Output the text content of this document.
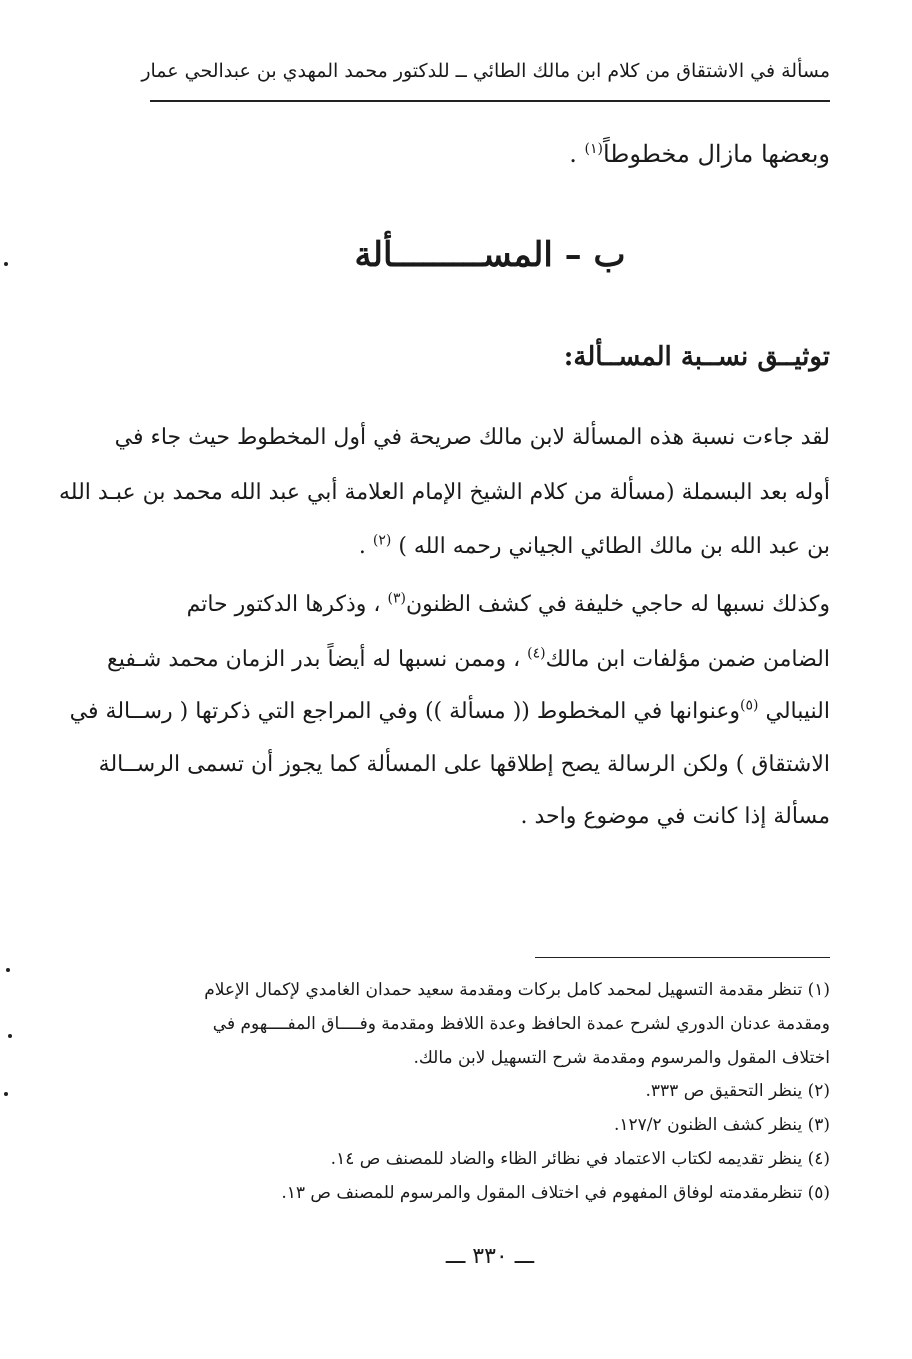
مسألة في الاشتقاق من كلام ابن مالك الطائي ــ للدكتور محمد المهدي بن عبدالحي عمار
وبعضها مازال مخطوطاً$^{(١)}$ .
ب – المســـــــــألة
توثيــق نســبة المســألة:
لقد جاءت نسبة هذه المسألة لابن مالك صريحة في أول المخطوط حيث جاء في
أوله بعد البسملة (مسألة من كلام الشيخ الإمام العلامة أبي عبد الله محمد بن عبـد الله
بن عبد الله بن مالك الطائي الجياني رحمه الله ) $^{(٢)}$ .
وكذلك نسبها له حاجي خليفة في كشف الظنون$^{(٣)}$ ، وذكرها الدكتور حاتم
الضامن ضمن مؤلفات ابن مالك$^{(٤)}$ ، وممن نسبها له أيضاً بدر الزمان محمد شـفيع
النيبالي $^{(٥)}$وعنوانها في المخطوط (( مسألة )) وفي المراجع التي ذكرتها ( رســالة في
الاشتقاق ) ولكن الرسالة يصح إطلاقها على المسألة كما يجوز أن تسمى الرســالة
مسألة إذا كانت في موضوع واحد .
(١) تنظر مقدمة التسهيل لمحمد كامل بركات ومقدمة سعيد حمدان الغامدي لإكمال الإعلام
ومقدمة عدنان الدوري لشرح عمدة الحافظ وعدة اللافظ ومقدمة وفــــاق المفــــهوم في
اختلاف المقول والمرسوم ومقدمة شرح التسهيل لابن مالك.
(٢) ينظر التحقيق ص ٣٣٣.
(٣) ينظر كشف الظنون ١٢٧/٢.
(٤) ينظر تقديمه لكتاب الاعتماد في نظائر الظاء والضاد للمصنف ص ١٤.
(٥) تنظرمقدمته لوفاق المفهوم في اختلاف المقول والمرسوم للمصنف ص ١٣.
ـــ ٣٣٠ ـــ
